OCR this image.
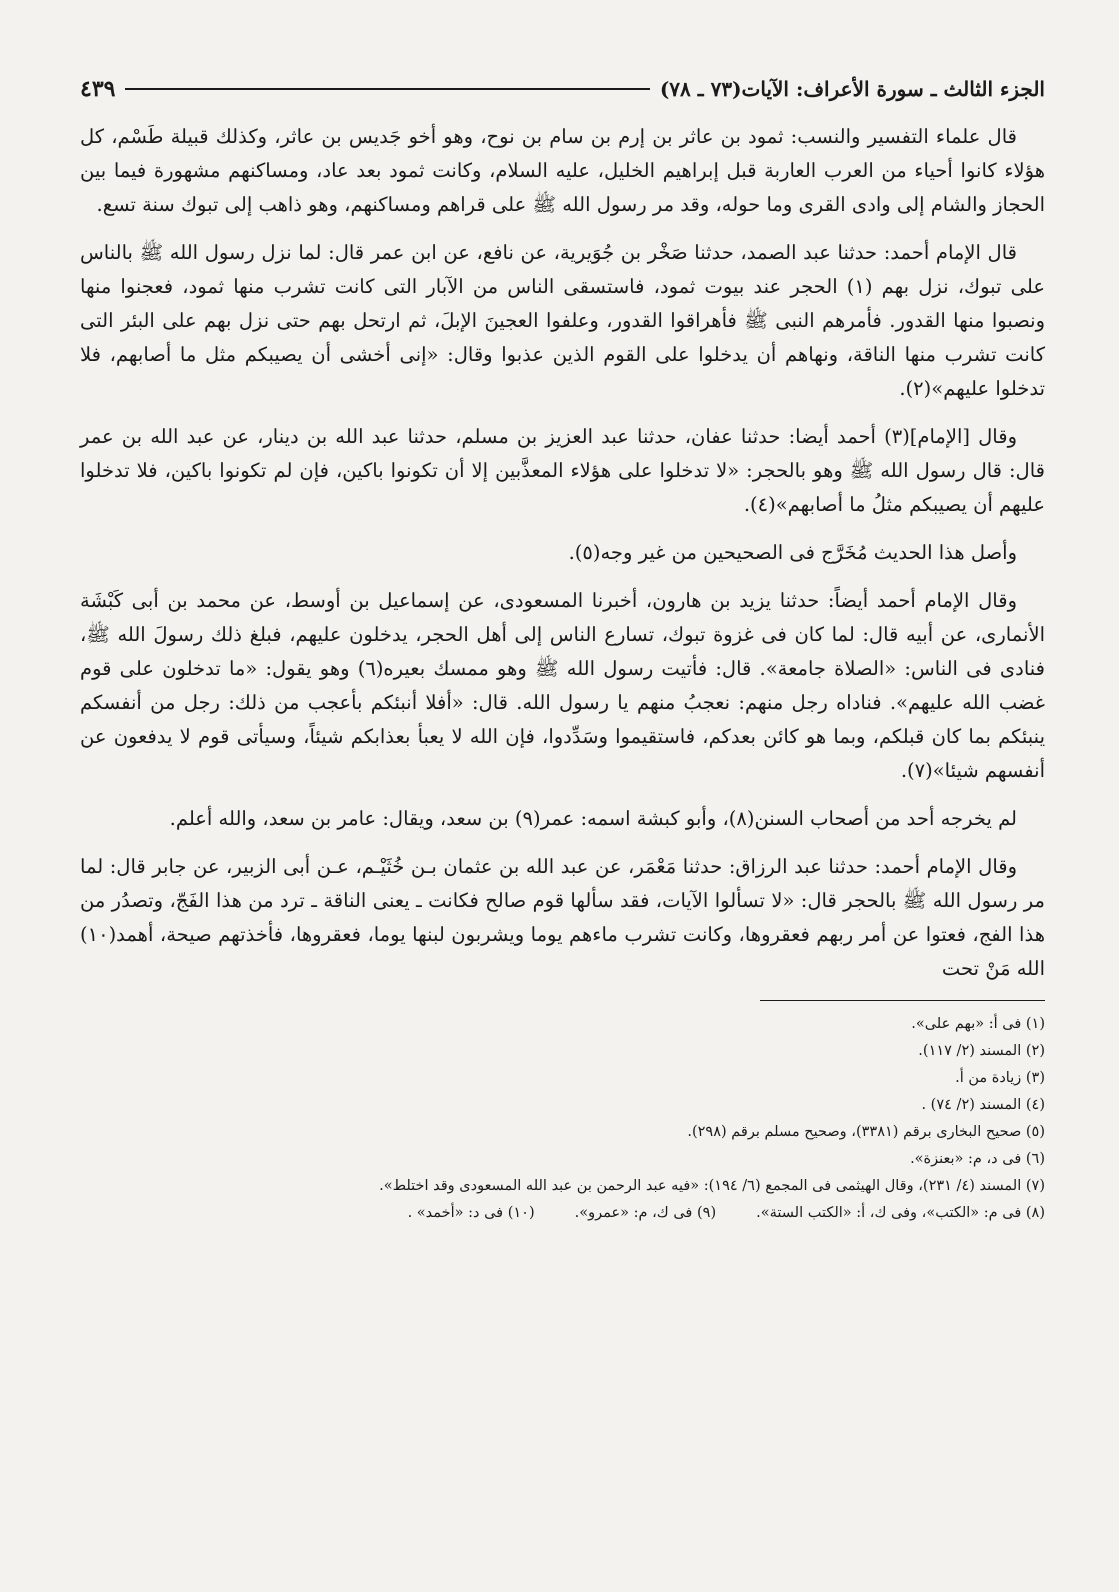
الجزء الثالث ـ سورة الأعراف: الآيات(٧٣ ـ ٧٨)
٤٣٩

قال علماء التفسير والنسب: ثمود بن عاثر بن إرم بن سام بن نوح، وهو أخو جَديس بن عاثر، وكذلك قبيلة طَسْم، كل هؤلاء كانوا أحياء من العرب العاربة قبل إبراهيم الخليل، عليه السلام، وكانت ثمود بعد عاد، ومساكنهم مشهورة فيما بين الحجاز والشام إلى وادى القرى وما حوله، وقد مر رسول الله ﷺ على قراهم ومساكنهم، وهو ذاهب إلى تبوك سنة تسع.

قال الإمام أحمد: حدثنا عبد الصمد، حدثنا صَخْر بن جُوَيرية، عن نافع، عن ابن عمر قال: لما نزل رسول الله ﷺ بالناس على تبوك، نزل بهم (١) الحجر عند بيوت ثمود، فاستسقى الناس من الآبار التى كانت تشرب منها ثمود، فعجنوا منها ونصبوا منها القدور. فأمرهم النبى ﷺ فأهراقوا القدور، وعلفوا العجينَ الإبلَ، ثم ارتحل بهم حتى نزل بهم على البئر التى كانت تشرب منها الناقة، ونهاهم أن يدخلوا على القوم الذين عذبوا وقال: «إنى أخشى أن يصيبكم مثل ما أصابهم، فلا تدخلوا عليهم»(٢).

وقال [الإمام](٣) أحمد أيضا: حدثنا عفان، حدثنا عبد العزيز بن مسلم، حدثنا عبد الله بن دينار، عن عبد الله بن عمر قال: قال رسول الله ﷺ وهو بالحجر: «لا تدخلوا على هؤلاء المعذَّبين إلا أن تكونوا باكين، فإن لم تكونوا باكين، فلا تدخلوا عليهم أن يصيبكم مثلُ ما أصابهم»(٤).

وأصل هذا الحديث مُخَرَّج فى الصحيحين من غير وجه(٥).

وقال الإمام أحمد أيضاً: حدثنا يزيد بن هارون، أخبرنا المسعودى، عن إسماعيل بن أوسط، عن محمد بن أبى كَبْشَة الأنمارى، عن أبيه قال: لما كان فى غزوة تبوك، تسارع الناس إلى أهل الحجر، يدخلون عليهم، فبلغ ذلك رسولَ الله ﷺ، فنادى فى الناس: «الصلاة جامعة». قال: فأتيت رسول الله ﷺ وهو ممسك بعيره(٦) وهو يقول: «ما تدخلون على قوم غضب الله عليهم». فناداه رجل منهم: نعجبُ منهم يا رسول الله. قال: «أفلا أنبئكم بأعجب من ذلك: رجل من أنفسكم ينبئكم بما كان قبلكم، وبما هو كائن بعدكم، فاستقيموا وسَدِّدوا، فإن الله لا يعبأ بعذابكم شيئاً، وسيأتى قوم لا يدفعون عن أنفسهم شيئا»(٧).

لم يخرجه أحد من أصحاب السنن(٨)، وأبو كبشة اسمه: عمر(٩) بن سعد، ويقال: عامر بن سعد، والله أعلم.

وقال الإمام أحمد: حدثنا عبد الرزاق: حدثنا مَعْمَر، عن عبد الله بن عثمان بـن خُثَيْـم، عـن أبى الزبير، عن جابر قال: لما مر رسول الله ﷺ بالحجر قال: «لا تسألوا الآيات، فقد سألها قوم صالح فكانت ـ يعنى الناقة ـ ترد من هذا الفَجّ، وتصدُر من هذا الفج، فعتوا عن أمر ربهم فعقروها، وكانت تشرب ماءهم يوما ويشربون لبنها يوما، فعقروها، فأخذتهم صيحة، أهمد(١٠) الله مَنْ تحت

(١) فى أ: «بهم على».

(٢) المسند (٢/ ١١٧).

(٣) زيادة من أ.

(٤) المسند (٢/ ٧٤) .

(٥) صحيح البخارى برقم (٣٣٨١)، وصحيح مسلم برقم (٢٩٨).

(٦) فى د، م: «بعنزة».

(٧) المسند (٤/ ٢٣١)، وقال الهيثمى فى المجمع (٦/ ١٩٤): «فيه عبد الرحمن بن عبد الله المسعودى وقد اختلط».

(٨) فى م: «الكتب»، وفى ك، أ: «الكتب الستة».
(٩) فى ك، م: «عمرو».
(١٠) فى د: «أخمد» .
